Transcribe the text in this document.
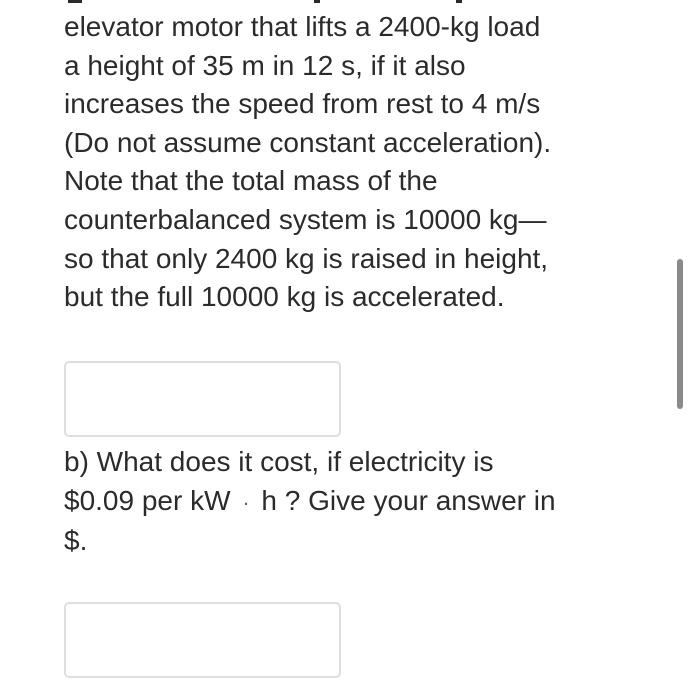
elevator motor that lifts a 2400-kg load
a height of 35 m in 12 s, if it also
increases the speed from rest to 4 m/s
(Do not assume constant acceleration).
Note that the total mass of the
counterbalanced system is 10000 kg—
so that only 2400 kg is raised in height,
but the full 10000 kg is accelerated.
b) What does it cost, if electricity is
$0.09 per kW · h ? Give your answer in
$.
